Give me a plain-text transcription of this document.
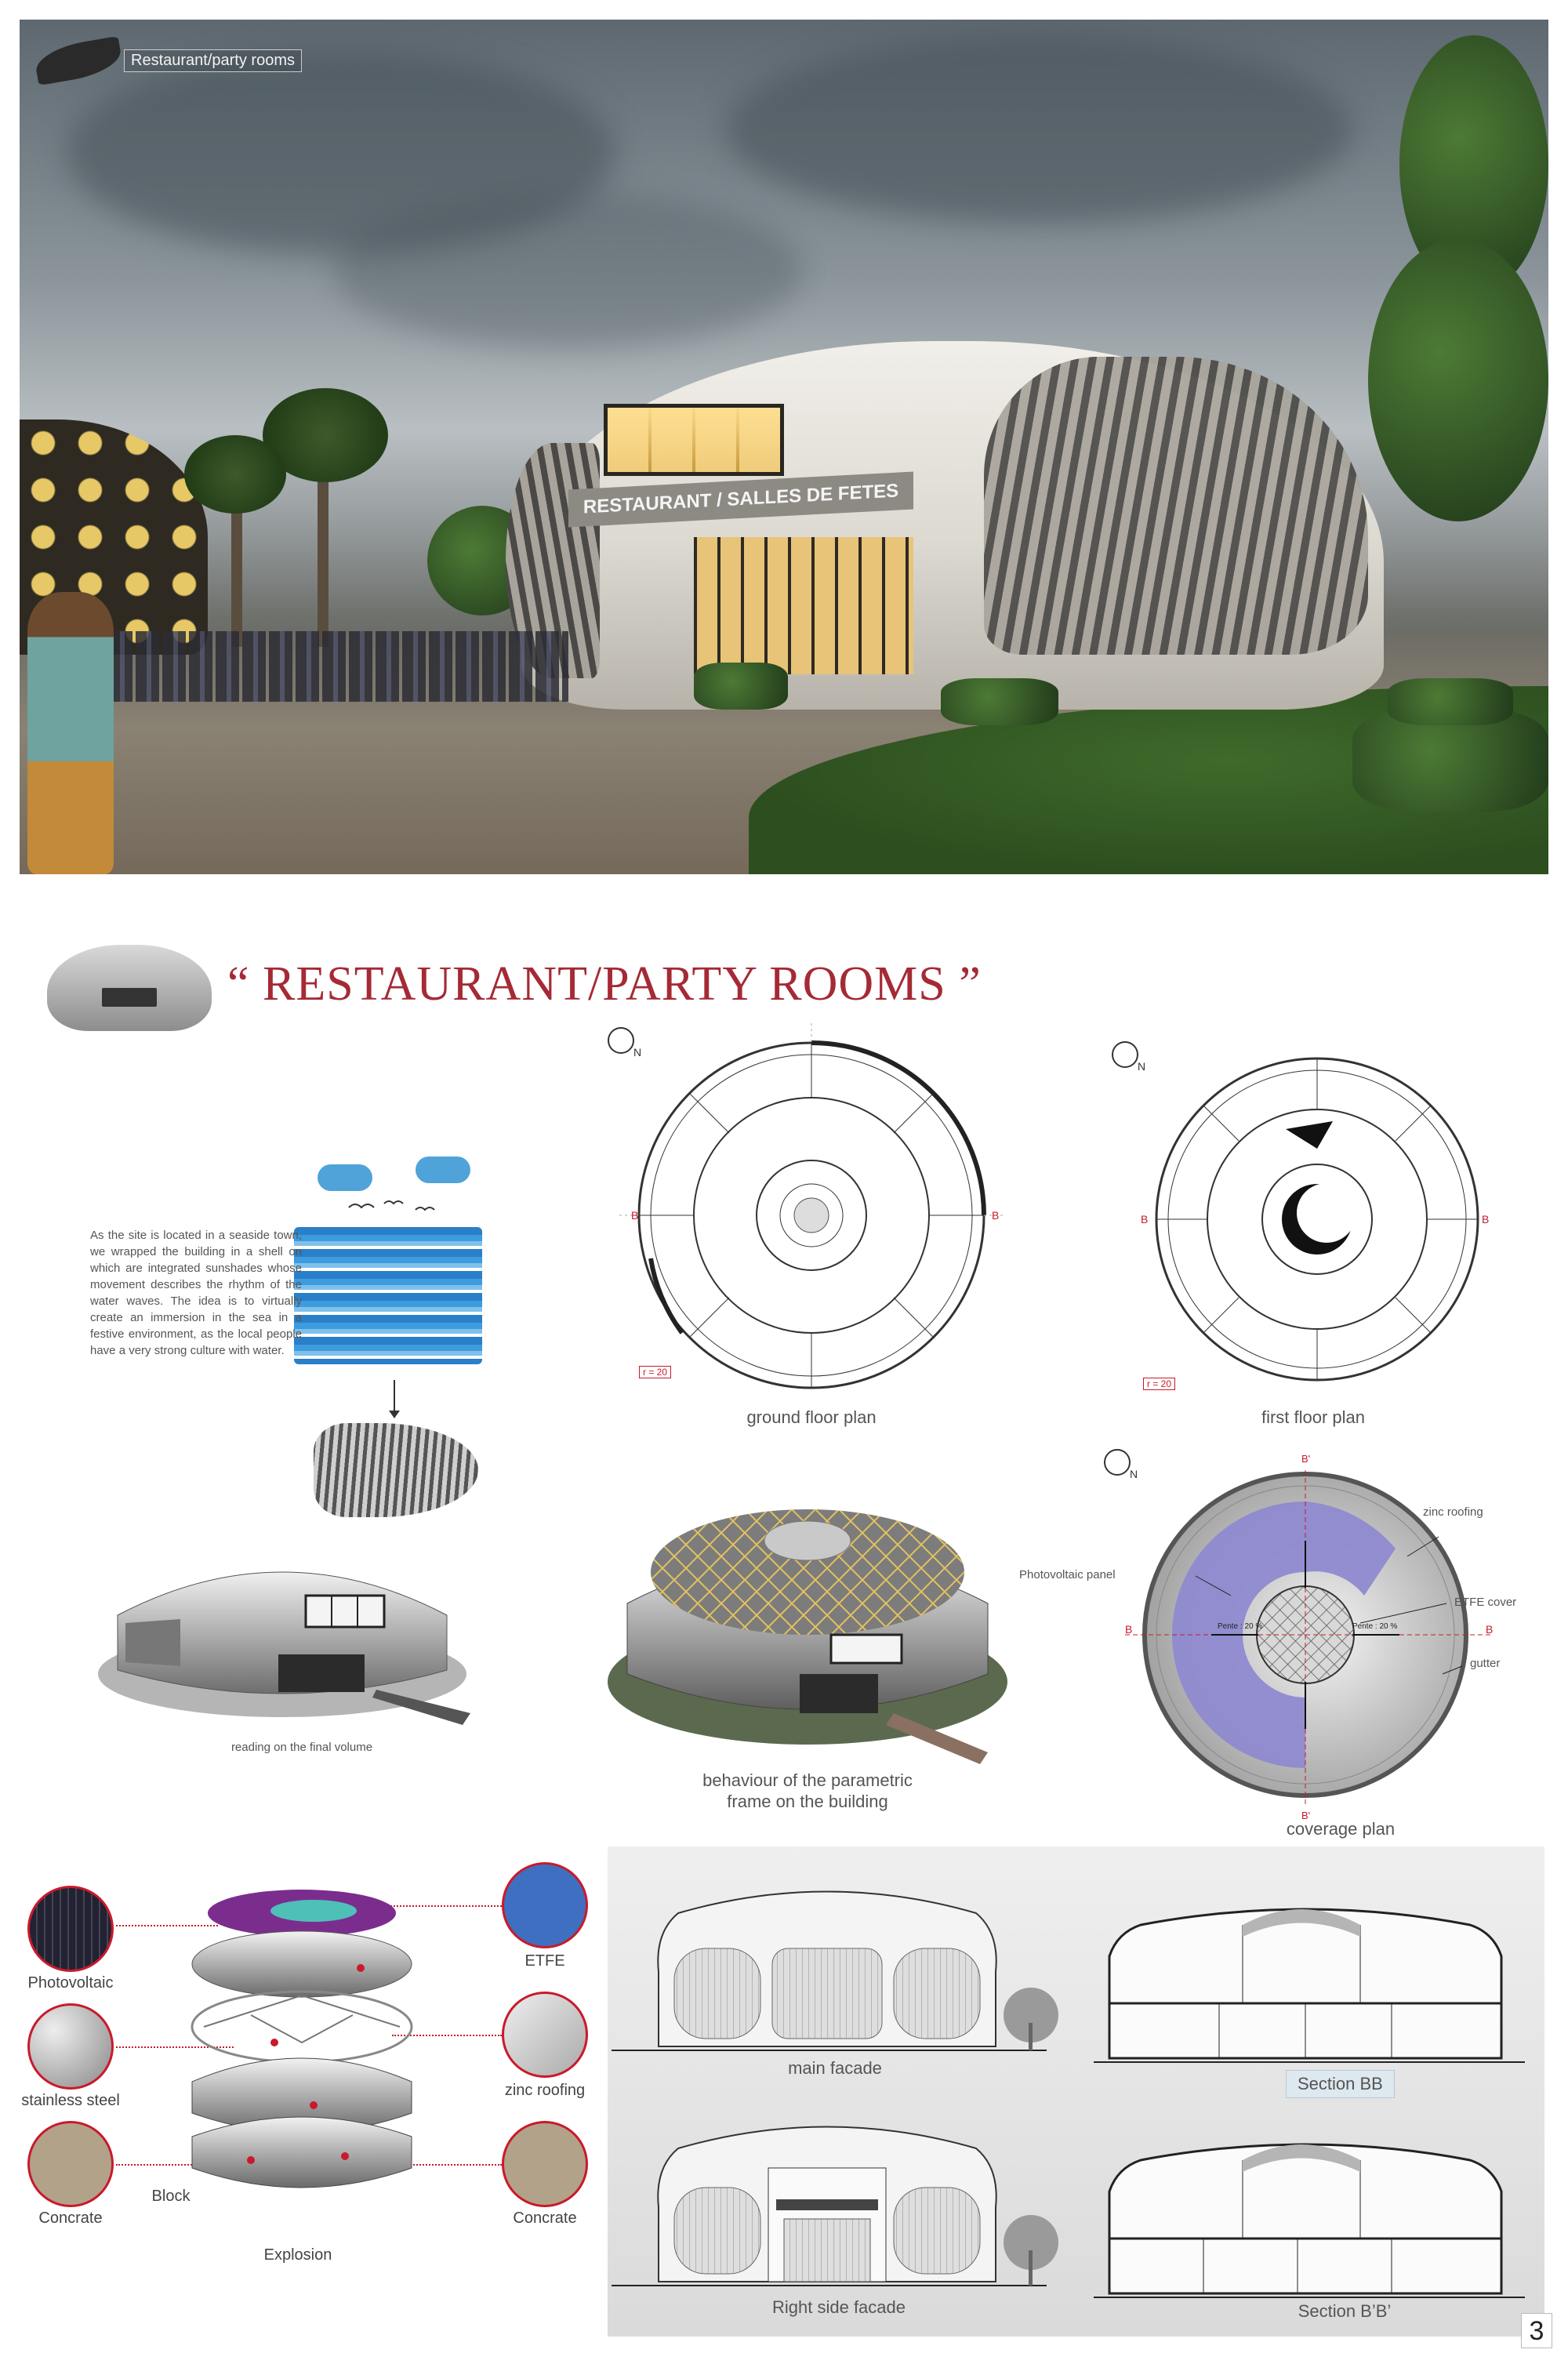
Restaurant/party rooms
RESTAURANT / SALLES DE FETES
“ RESTAURANT/PARTY ROOMS ”
As the site is located in a seaside town, we wrapped the building in a shell on which are integrated sunshades whose movement describes the rhythm of the water waves. The idea is to virtually create an immersion in the sea in a festive environment, as the local people have a very strong culture with water.
B	B
N
r = 20
ground floor plan
B	B
N
r = 20
first floor plan
B	B
B'
B'
Pente : 20 %	Pente : 20 %
N
zinc roofing
Photovoltaic panel
ETFE cover
gutter
coverage plan
reading on the final volume
behaviour of the parametric
frame on the building
Photovoltaic
stainless steel
Concrate
ETFE
zinc roofing
Concrate
Block
Explosion
main facade
Right side facade
Section BB
Section B’B’
3
